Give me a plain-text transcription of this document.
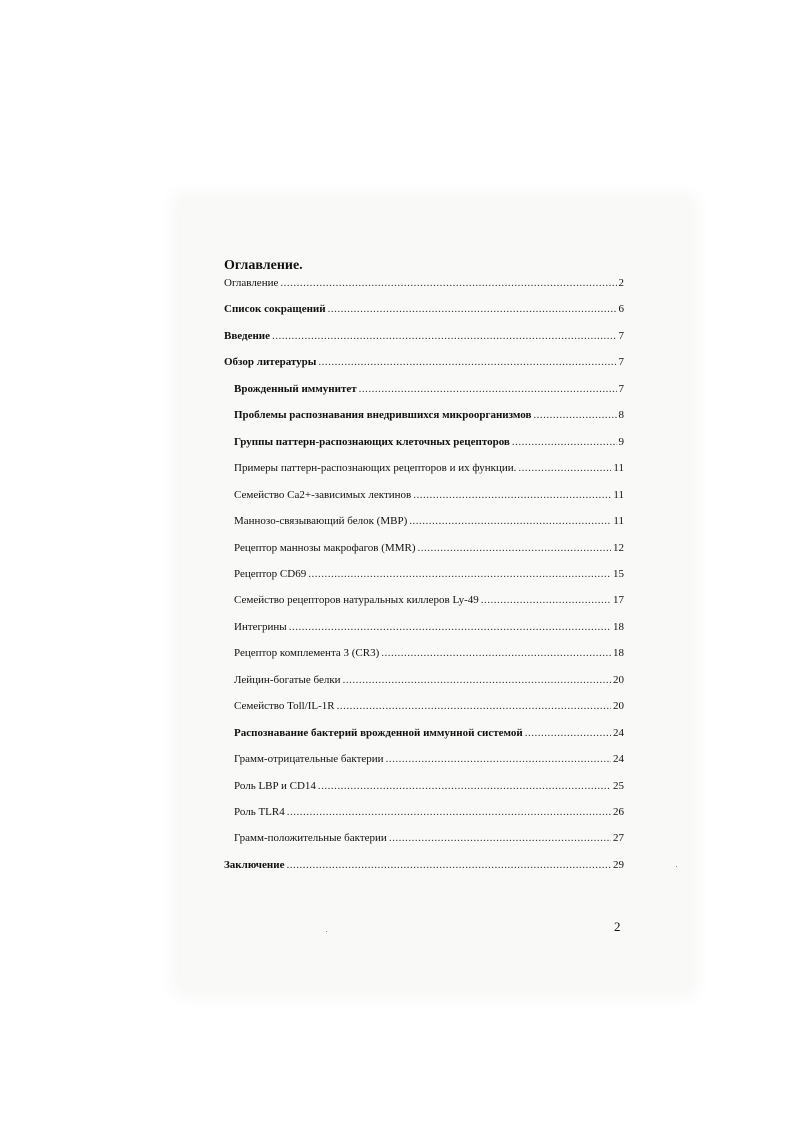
Оглавление.
Оглавление .....	2
Список сокращений .....	6
Введение .....	7
Обзор литературы .....	7
Врожденный иммунитет .....	7
Проблемы распознавания внедрившихся микроорганизмов .....	8
Группы паттерн-распознающих клеточных рецепторов .....	9
Примеры паттерн-распознающих рецепторов и их функции. .....	11
Семейство Ca2+-зависимых лектинов .....	11
Маннозо-связывающий белок (MBP) .....	11
Рецептор маннозы макрофагов (MMR) .....	12
Рецептор CD69 .....	15
Семейство рецепторов натуральных киллеров Ly-49 .....	17
Интегрины .....	18
Рецептор комплемента 3 (CR3) .....	18
Лейцин-богатые белки .....	20
Семейство Toll/IL-1R .....	20
Распознавание бактерий врожденной иммунной системой .....	24
Грамм-отрицательные бактерии .....	24
Роль LBP и CD14 .....	25
Роль TLR4 .....	26
Грамм-положительные бактерии .....	27
Заключение .....	29
2
